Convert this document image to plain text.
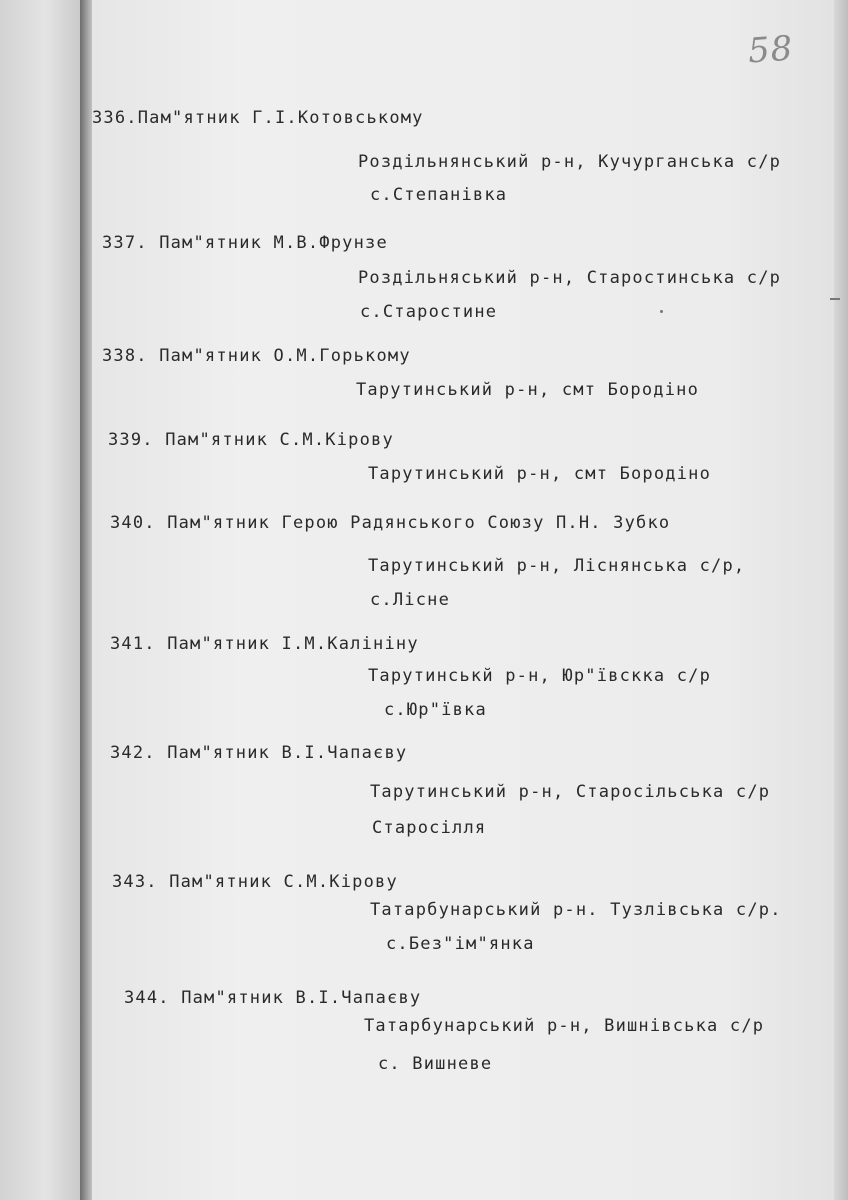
58
336.Пам"ятник Г.І.Котовському
Роздільнянський р-н, Кучурганська с/р
с.Степанівка
337. Пам"ятник М.В.Фрунзе
Роздільняський р-н, Старостинська с/р
с.Старостине
338. Пам"ятник О.М.Горькому
Тарутинський р-н, смт Бородіно
339. Пам"ятник С.М.Кірову
Тарутинський р-н, смт Бородіно
340. Пам"ятник Герою Радянського Союзу П.Н. Зубко
Тарутинський р-н, Ліснянська с/р,
с.Лісне
341. Пам"ятник І.М.Калініну
Тарутинськй р-н, Юр"ївскка с/р
с.Юр"ївка
342. Пам"ятник В.І.Чапаєву
Тарутинський р-н, Старосільська с/р
Старосілля
343. Пам"ятник С.М.Кірову
Татарбунарський р-н. Тузлівська с/р.
с.Без"ім"янка
344. Пам"ятник В.І.Чапаєву
Татарбунарський р-н, Вишнівська с/р
с. Вишневе
